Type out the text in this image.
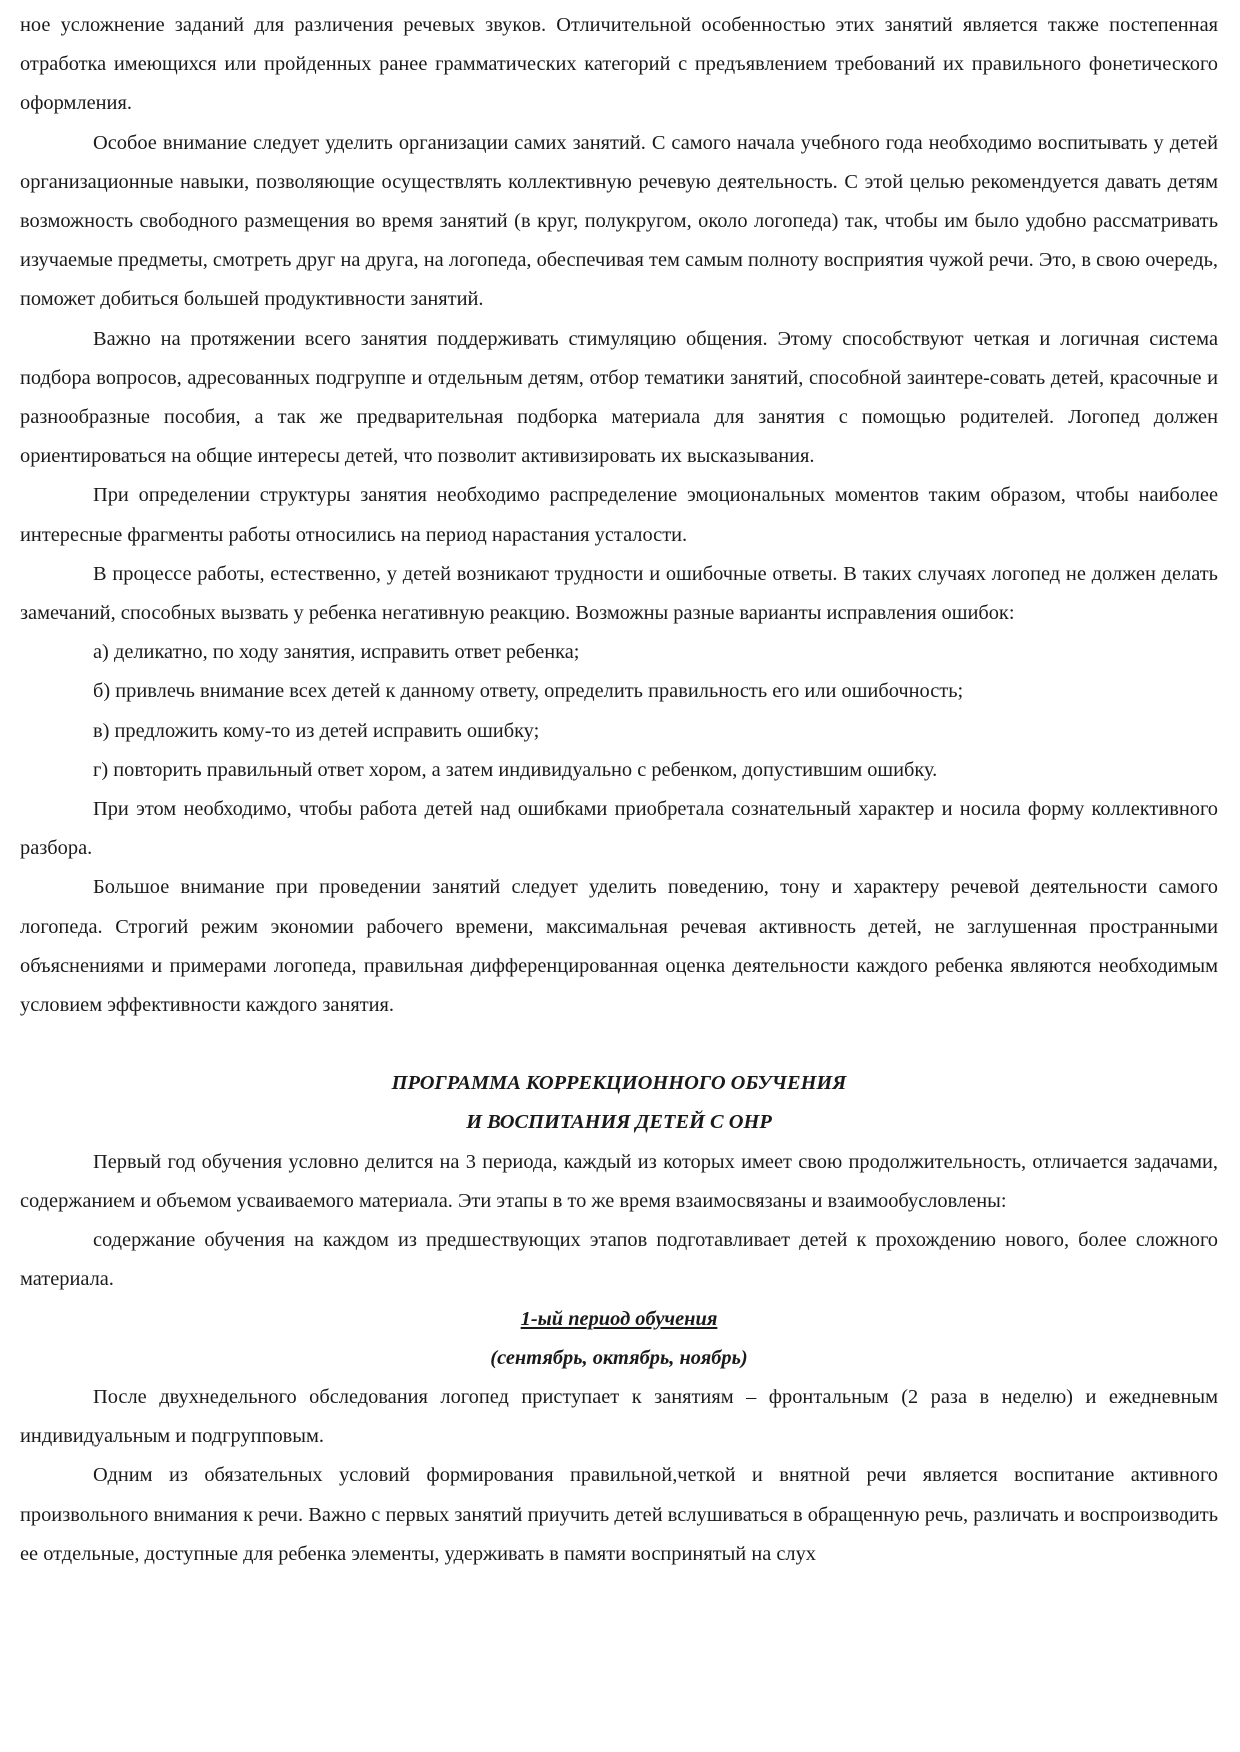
ное усложнение заданий для различения речевых звуков. Отличительной особенностью этих занятий является также постепенная отработка имеющихся или пройденных ранее грамматических категорий с предъявлением требований их правильного фонетического оформления.

Особое внимание следует уделить организации самих занятий. С самого начала учебного года необходимо воспитывать у детей организационные навыки, позволяющие осуществлять коллективную речевую деятельность. С этой целью рекомендуется давать детям возможность свободного размещения во время занятий (в круг, полукругом, около логопеда) так, чтобы им было удобно рассматривать изучаемые предметы, смотреть друг на друга, на логопеда, обеспечивая тем самым полноту восприятия чужой речи. Это, в свою очередь, поможет добиться большей продуктивности занятий.

Важно на протяжении всего занятия поддерживать стимуляцию общения. Этому способствуют четкая и логичная система подбора вопросов, адресованных подгруппе и отдельным детям, отбор тематики занятий, способной заинтере-совать детей, красочные и разнообразные пособия, а так же предварительная подборка материала для занятия с помощью родителей. Логопед должен ориентироваться на общие интересы детей, что позволит активизировать их высказывания.

При определении структуры занятия необходимо распределение эмоциональных моментов таким образом, чтобы наиболее интересные фрагменты работы относились на период нарастания усталости.

В процессе работы, естественно, у детей возникают трудности и ошибочные ответы. В таких случаях логопед не должен делать замечаний, способных вызвать у ребенка негативную реакцию. Возможны разные варианты исправления ошибок:

а) деликатно, по ходу занятия, исправить ответ ребенка;

б) привлечь внимание всех детей к данному ответу, определить правильность его или ошибочность;

в) предложить кому-то из детей исправить ошибку;

г) повторить правильный ответ хором, а затем индивидуально с ребенком, допустившим ошибку.

При этом необходимо, чтобы работа детей над ошибками приобретала сознательный характер и носила форму коллективного разбора.

Большое внимание при проведении занятий следует уделить поведению, тону и характеру речевой деятельности самого логопеда. Строгий режим экономии рабочего времени, максимальная речевая активность детей, не заглушенная пространными объяснениями и примерами логопеда, правильная дифференцированная оценка деятельности каждого ребенка являются необходимым условием эффективности каждого занятия.

ПРОГРАММА КОРРЕКЦИОННОГО ОБУЧЕНИЯ

И ВОСПИТАНИЯ ДЕТЕЙ С ОНР

Первый год обучения условно делится на 3 периода, каждый из которых имеет свою продолжительность, отличается задачами, содержанием и объемом усваиваемого материала. Эти этапы в то же время взаимосвязаны и взаимообусловлены:

содержание обучения на каждом из предшествующих этапов подготавливает детей к прохождению нового, более сложного материала.

1-ый период обучения

(сентябрь, октябрь, ноябрь)

После двухнедельного обследования логопед приступает к занятиям – фронтальным (2 раза в неделю) и ежедневным индивидуальным и подгрупповым.

Одним из обязательных условий формирования правильной,четкой и внятной речи является воспитание активного произвольного внимания к речи. Важно с первых занятий приучить детей вслушиваться в обращенную речь, различать и воспроизводить ее отдельные, доступные для ребенка элементы, удерживать в памяти воспринятый на слух
